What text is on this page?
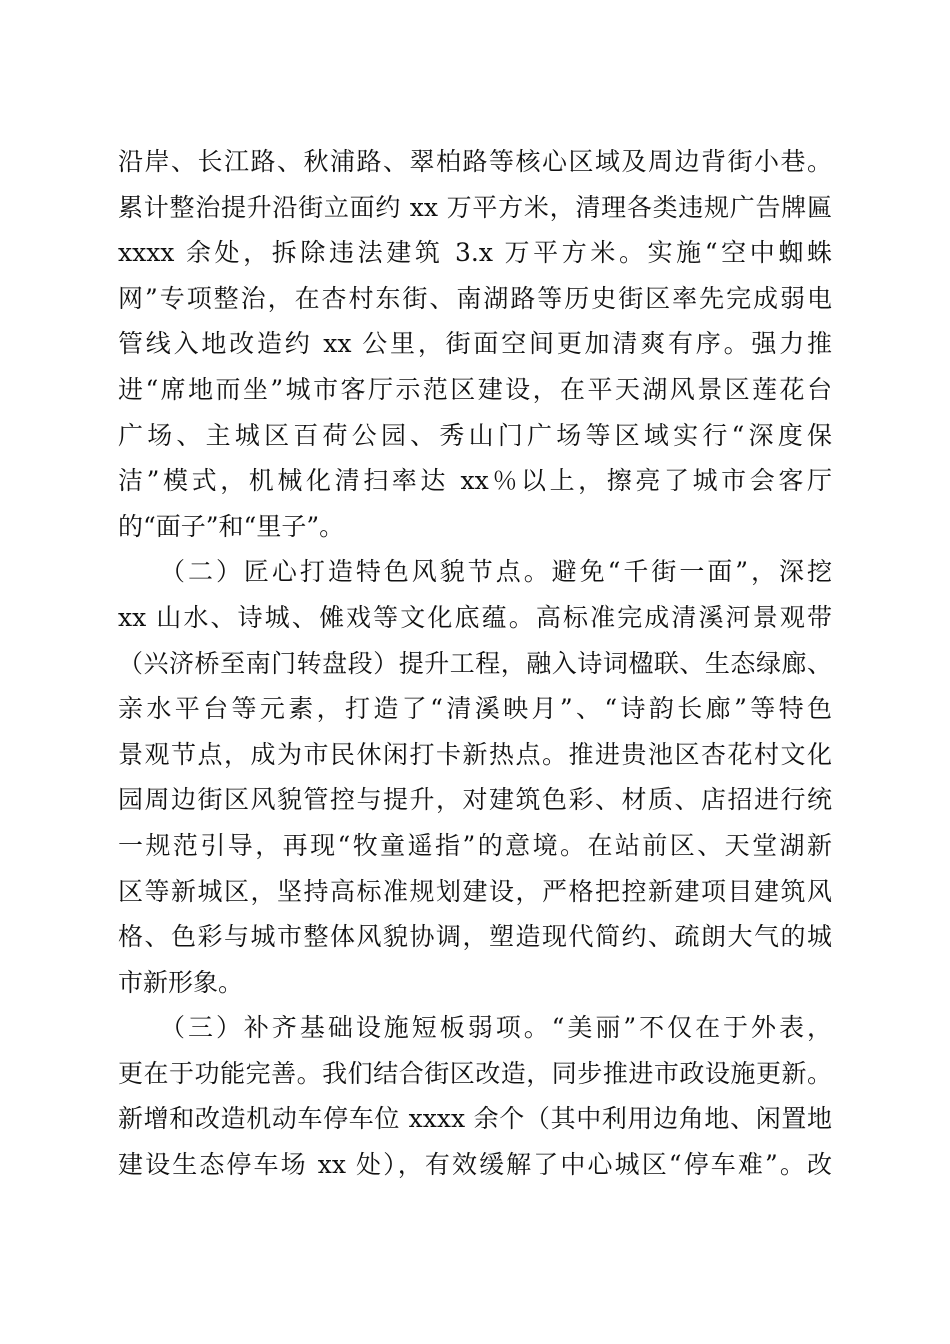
沿岸、长江路、秋浦路、翠柏路等核心区域及周边背街小巷。
累计整治提升沿街立面约 xx 万平方米，清理各类违规广告牌匾
xxxx 余处，拆除违法建筑 3.x 万平方米。实施“空中蜘蛛
网”专项整治，在杏村东街、南湖路等历史街区率先完成弱电
管线入地改造约 xx 公里，街面空间更加清爽有序。强力推
进“席地而坐”城市客厅示范区建设，在平天湖风景区莲花台
广场、主城区百荷公园、秀山门广场等区域实行“深度保
洁”模式，机械化清扫率达 xx％以上，擦亮了城市会客厅
的“面子”和“里子”。
（二）匠心打造特色风貌节点。避免“千街一面”，深挖
xx 山水、诗城、傩戏等文化底蕴。高标准完成清溪河景观带
（兴济桥至南门转盘段）提升工程，融入诗词楹联、生态绿廊、
亲水平台等元素，打造了“清溪映月”、“诗韵长廊”等特色
景观节点，成为市民休闲打卡新热点。推进贵池区杏花村文化
园周边街区风貌管控与提升，对建筑色彩、材质、店招进行统
一规范引导，再现“牧童遥指”的意境。在站前区、天堂湖新
区等新城区，坚持高标准规划建设，严格把控新建项目建筑风
格、色彩与城市整体风貌协调，塑造现代简约、疏朗大气的城
市新形象。
（三）补齐基础设施短板弱项。“美丽”不仅在于外表，
更在于功能完善。我们结合街区改造，同步推进市政设施更新。
新增和改造机动车停车位 xxxx 余个（其中利用边角地、闲置地
建设生态停车场 xx 处），有效缓解了中心城区“停车难”。改
